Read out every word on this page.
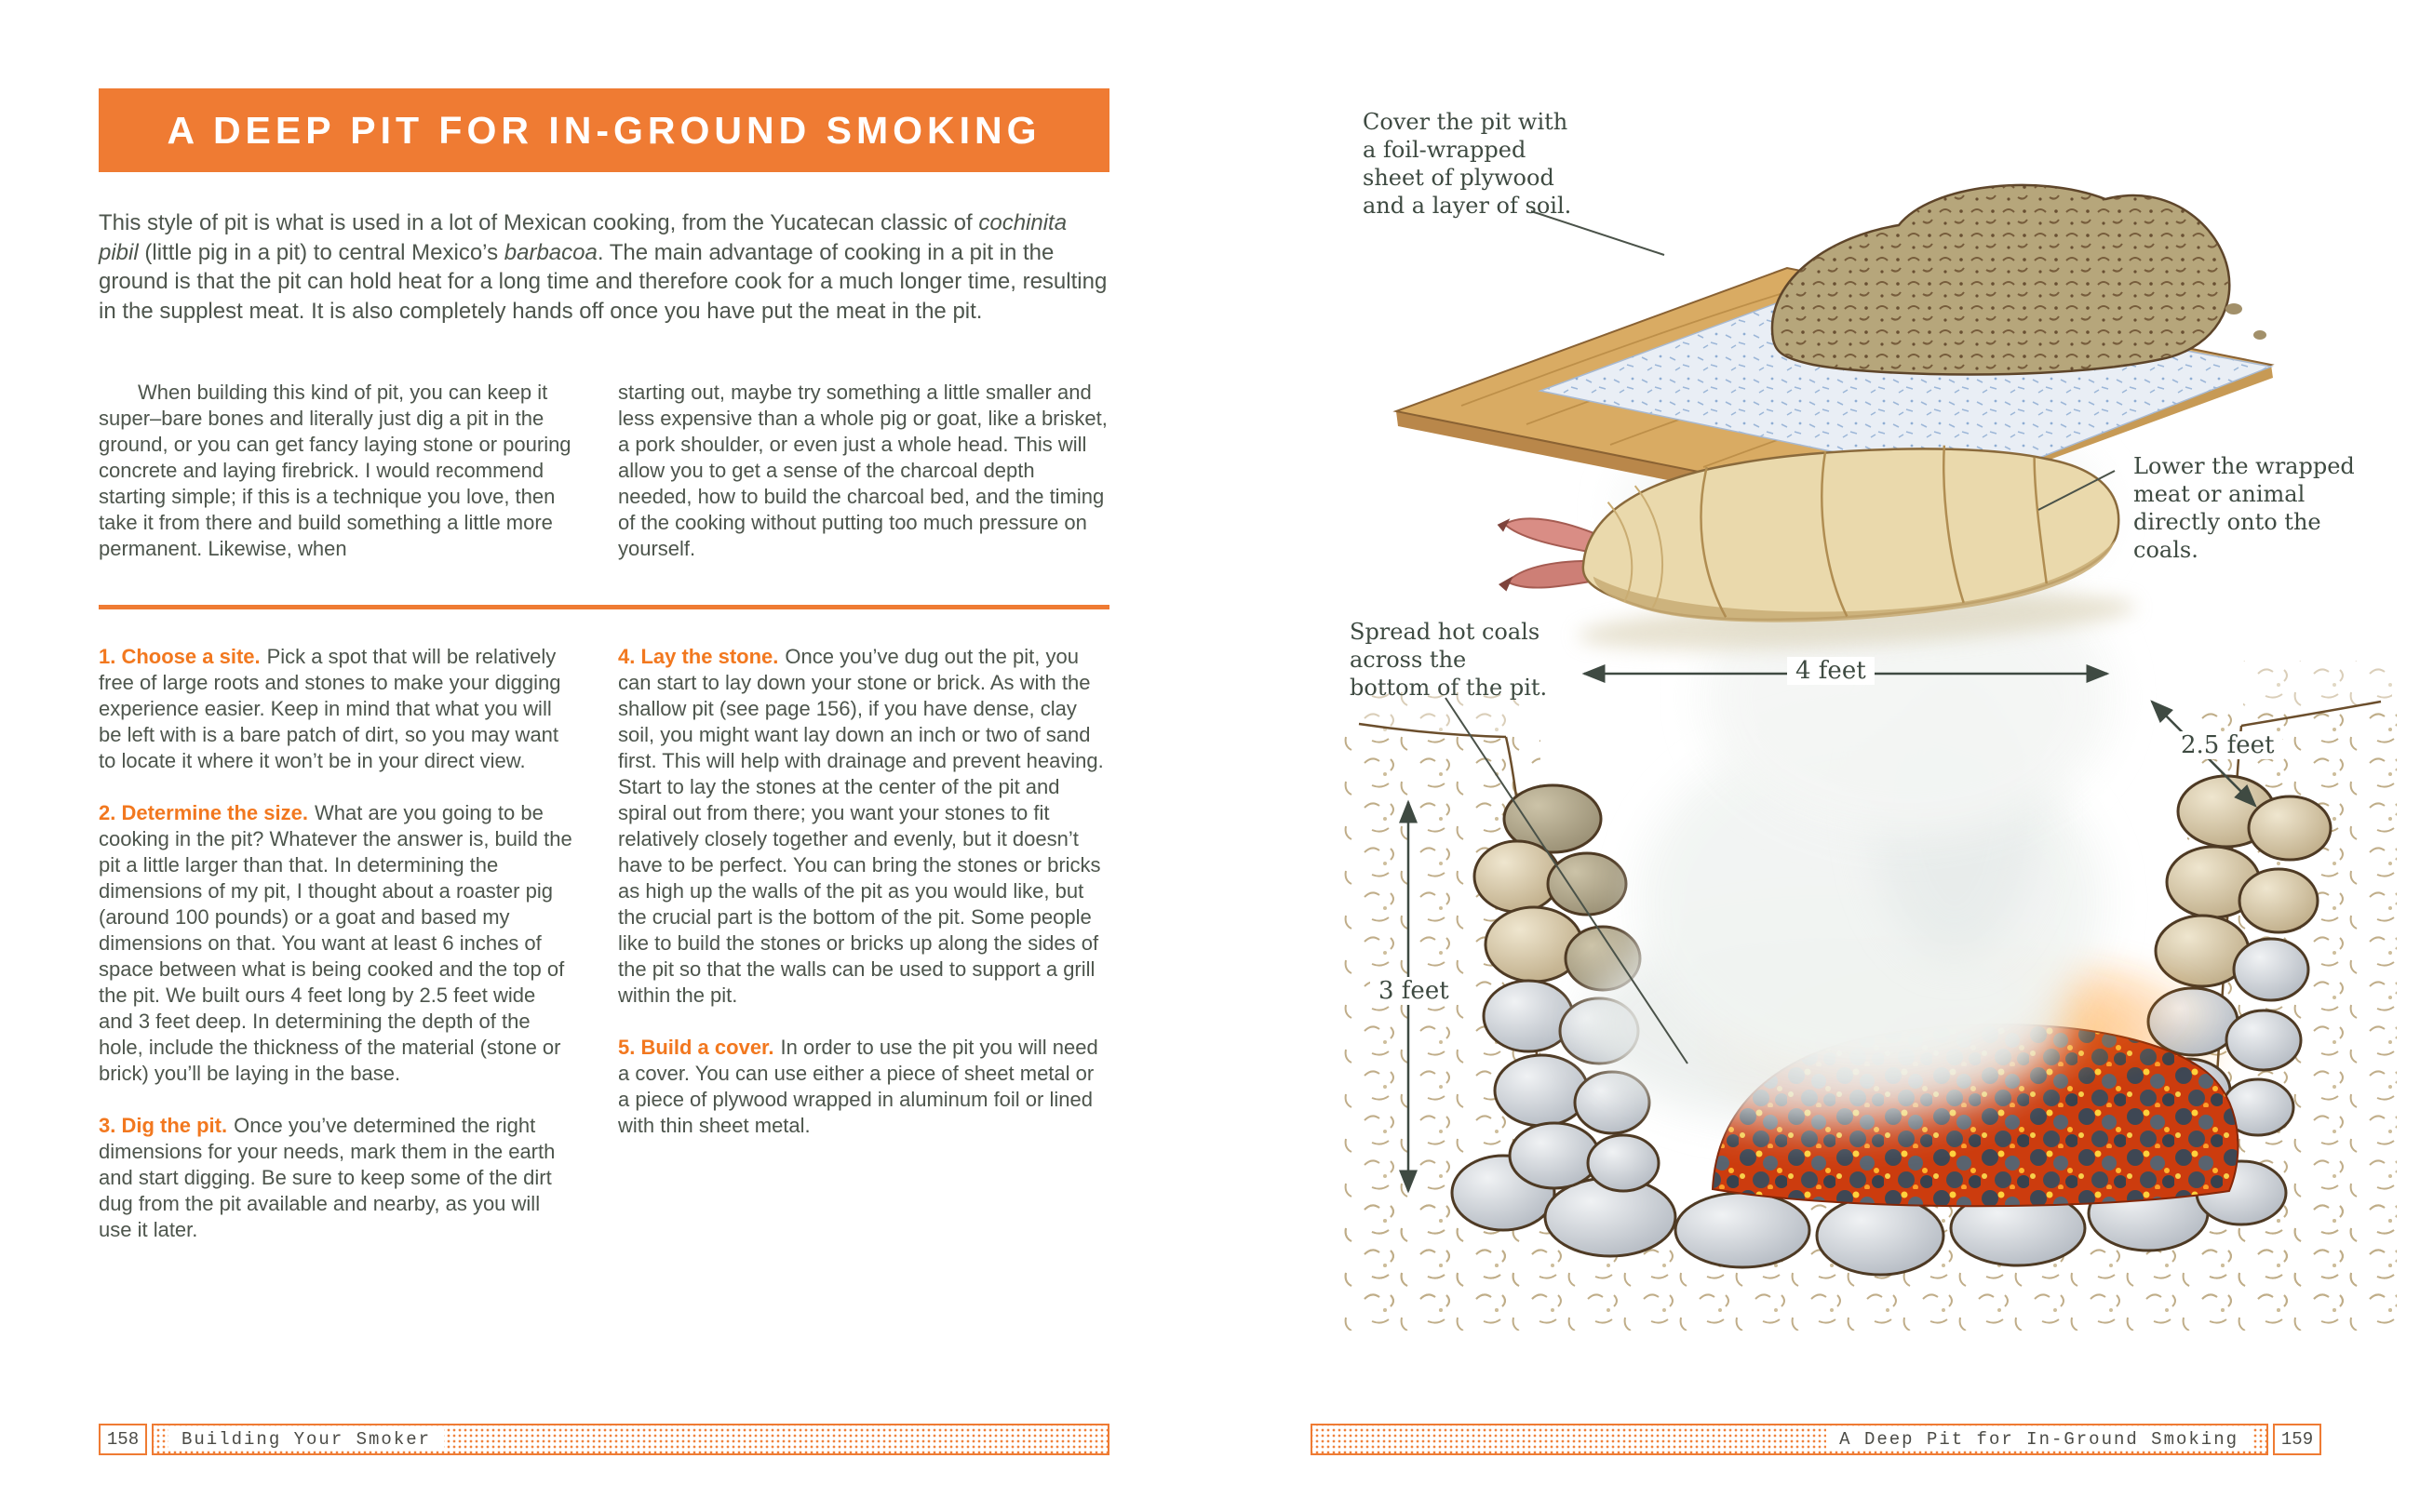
A DEEP PIT FOR IN-GROUND SMOKING

This style of pit is what is used in a lot of Mexican cooking, from the Yucatecan classic of cochinita pibil (little pig in a pit) to central Mexico’s barbacoa. The main advantage of cooking in a pit in the ground is that the pit can hold heat for a long time and therefore cook for a much longer time, resulting in the supplest meat. It is also completely hands off once you have put the meat in the pit.

When building this kind of pit, you can keep it super–bare bones and literally just dig a pit in the ground, or you can get fancy laying stone or pouring concrete and laying firebrick. I would recommend starting simple; if this is a technique you love, then take it from there and build something a little more permanent. Likewise, when

starting out, maybe try something a little smaller and less expensive than a whole pig or goat, like a brisket, a pork shoulder, or even just a whole head. This will allow you to get a sense of the charcoal depth needed, how to build the charcoal bed, and the timing of the cooking without putting too much pressure on yourself.

1. Choose a site. Pick a spot that will be relatively free of large roots and stones to make your digging experience easier. Keep in mind that what you will be left with is a bare patch of dirt, so you may want to locate it where it won’t be in your direct view.

2. Determine the size. What are you going to be cooking in the pit? Whatever the answer is, build the pit a little larger than that. In determining the dimensions of my pit, I thought about a roaster pig (around 100 pounds) or a goat and based my dimensions on that. You want at least 6 inches of space between what is being cooked and the top of the pit. We built ours 4 feet long by 2.5 feet wide and 3 feet deep. In determining the depth of the hole, include the thickness of the material (stone or brick) you’ll be laying in the base.

3. Dig the pit. Once you’ve determined the right dimensions for your needs, mark them in the earth and start digging. Be sure to keep some of the dirt dug from the pit available and nearby, as you will use it later.

4. Lay the stone. Once you’ve dug out the pit, you can start to lay down your stone or brick. As with the shallow pit (see page 156), if you have dense, clay soil, you might want lay down an inch or two of sand first. This will help with drainage and prevent heaving. Start to lay the stones at the center of the pit and spiral out from there; you want your stones to fit relatively closely together and evenly, but it doesn’t have to be perfect. You can bring the stones or bricks as high up the walls of the pit as you would like, but the crucial part is the bottom of the pit. Some people like to build the stones or bricks up along the sides of the pit so that the walls can be used to support a grill within the pit.

5. Build a cover. In order to use the pit you will need a cover. You can use either a piece of sheet metal or a piece of plywood wrapped in aluminum foil or lined with thin sheet metal.

158	Building Your Smoker
Cover the pit with a foil-wrapped sheet of plywood and a layer of soil.
Lower the wrapped meat or animal directly onto the coals.
Spread hot coals across the bottom of the pit.
4 feet
2.5 feet
3 feet
A Deep Pit for In-Ground Smoking	159
